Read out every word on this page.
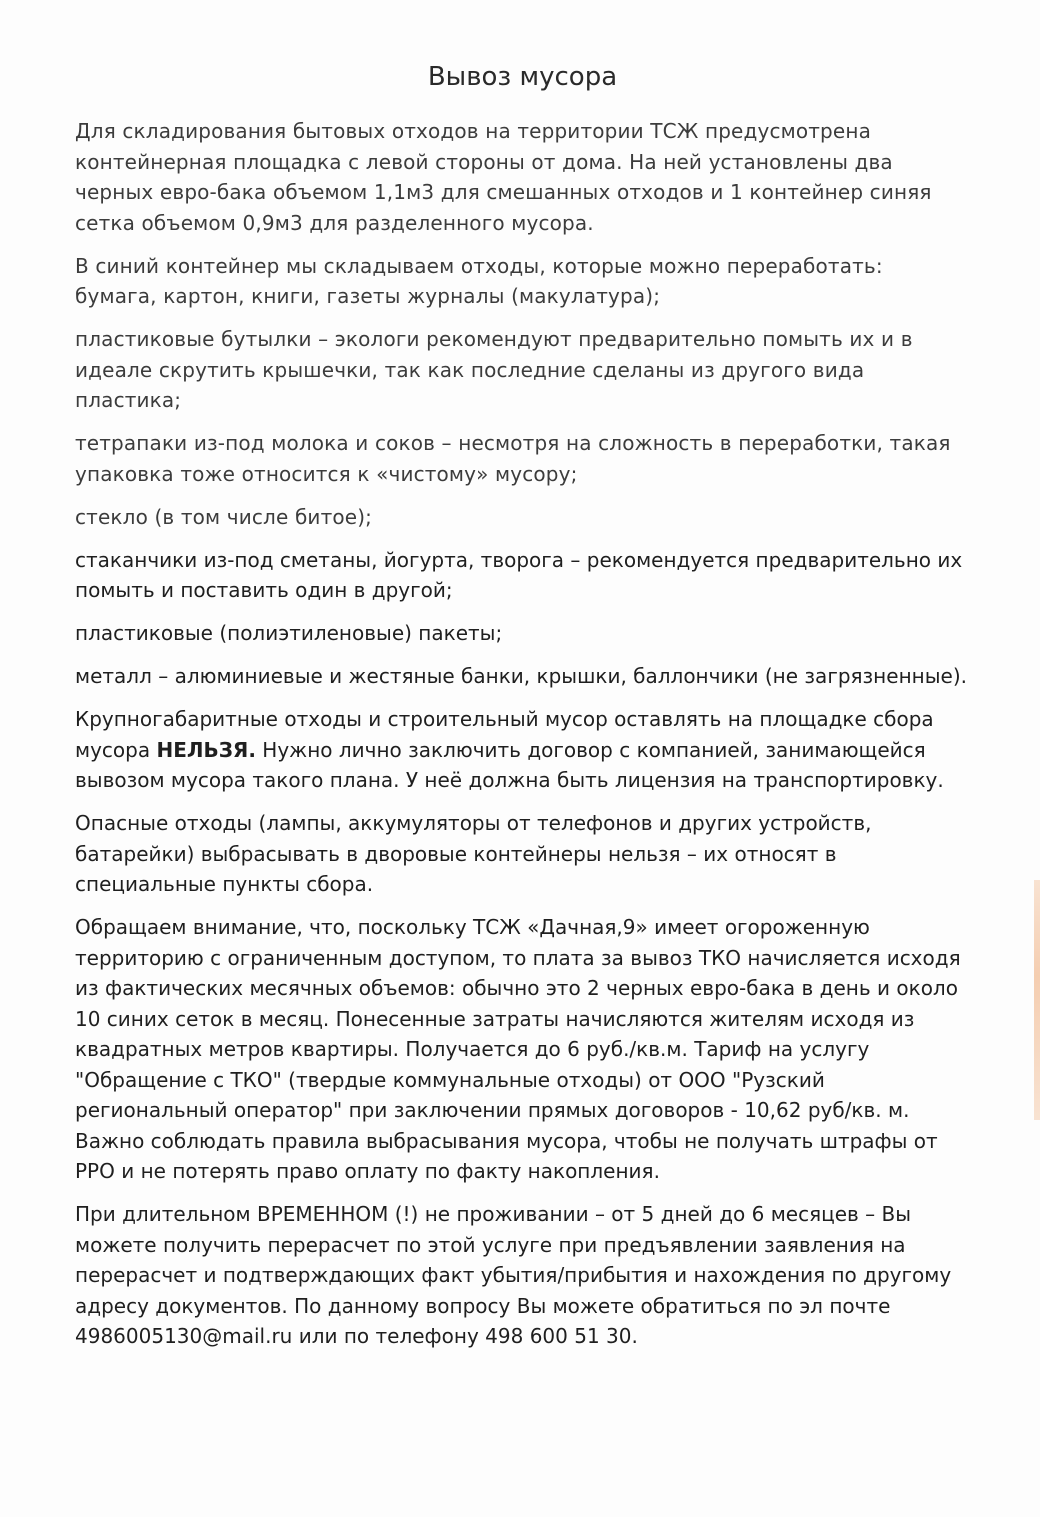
Вывоз мусора

Для складирования бытовых отходов на территории ТСЖ предусмотрена контейнерная площадка с левой стороны от дома. На ней установлены два черных евро-бака объемом 1,1м3 для смешанных отходов и 1 контейнер синяя сетка объемом 0,9м3 для разделенного мусора.

В синий контейнер мы складываем отходы, которые можно переработать: бумага, картон, книги, газеты журналы (макулатура);

пластиковые бутылки – экологи рекомендуют предварительно помыть их и в идеале скрутить крышечки, так как последние сделаны из другого вида пластика;

тетрапаки из-под молока и соков – несмотря на сложность в переработки, такая упаковка тоже относится к «чистому» мусору;

стекло (в том числе битое);

стаканчики из-под сметаны, йогурта, творога – рекомендуется предварительно их помыть и поставить один в другой;

пластиковые (полиэтиленовые) пакеты;

металл – алюминиевые и жестяные банки, крышки, баллончики (не загрязненные).

Крупногабаритные отходы и строительный мусор оставлять на площадке сбора мусора НЕЛЬЗЯ. Нужно лично заключить договор с компанией, занимающейся вывозом мусора такого плана. У неё должна быть лицензия на транспортировку.

Опасные отходы (лампы, аккумуляторы от телефонов и других устройств, батарейки) выбрасывать в дворовые контейнеры нельзя – их относят в специальные пункты сбора.

Обращаем внимание, что, поскольку ТСЖ «Дачная,9» имеет огороженную территорию с ограниченным доступом, то плата за вывоз ТКО начисляется исходя из фактических месячных объемов: обычно это 2 черных евро-бака в день и около 10 синих сеток в месяц. Понесенные затраты начисляются жителям исходя из квадратных метров квартиры. Получается до 6 руб./кв.м. Тариф на услугу "Обращение с ТКО" (твердые коммунальные отходы) от ООО "Рузский региональный оператор" при заключении прямых договоров - 10,62 руб/кв. м. Важно соблюдать правила выбрасывания мусора, чтобы не получать штрафы от РРО и не потерять право оплату по факту накопления.

При длительном ВРЕМЕННОМ (!) не проживании – от 5 дней до 6 месяцев – Вы можете получить перерасчет по этой услуге при предъявлении заявления на перерасчет и подтверждающих факт убытия/прибытия и нахождения по другому адресу документов. По данному вопросу Вы можете обратиться по эл почте 4986005130@mail.ru или по телефону 498 600 51 30.
